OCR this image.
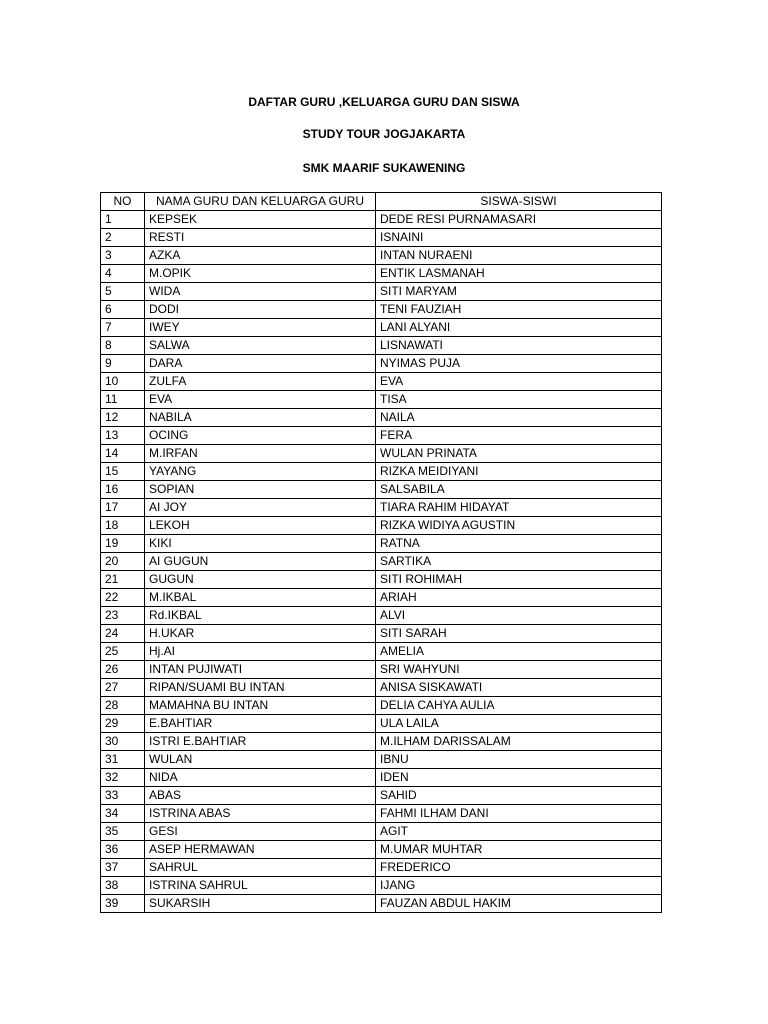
DAFTAR GURU ,KELUARGA GURU DAN SISWA
STUDY TOUR JOGJAKARTA
SMK MAARIF SUKAWENING
NO	NAMA GURU DAN KELUARGA GURU	SISWA-SISWI
1	KEPSEK	DEDE RESI PURNAMASARI
2	RESTI	ISNAINI
3	AZKA	INTAN NURAENI
4	M.OPIK	ENTIK LASMANAH
5	WIDA	SITI MARYAM
6	DODI	TENI FAUZIAH
7	IWEY	LANI ALYANI
8	SALWA	LISNAWATI
9	DARA	NYIMAS PUJA
10	ZULFA	EVA
11	EVA	TISA
12	NABILA	NAILA
13	OCING	FERA
14	M.IRFAN	WULAN PRINATA
15	YAYANG	RIZKA MEIDIYANI
16	SOPIAN	SALSABILA
17	AI JOY	TIARA RAHIM HIDAYAT
18	LEKOH	RIZKA WIDIYA AGUSTIN
19	KIKI	RATNA
20	AI GUGUN	SARTIKA
21	GUGUN	SITI ROHIMAH
22	M.IKBAL	ARIAH
23	Rd.IKBAL	ALVI
24	H.UKAR	SITI SARAH
25	Hj.AI	AMELIA
26	INTAN PUJIWATI	SRI WAHYUNI
27	RIPAN/SUAMI BU INTAN	ANISA SISKAWATI
28	MAMAHNA BU INTAN	DELIA CAHYA AULIA
29	E.BAHTIAR	ULA LAILA
30	ISTRI E.BAHTIAR	M.ILHAM DARISSALAM
31	WULAN	IBNU
32	NIDA	IDEN
33	ABAS	SAHID
34	ISTRINA ABAS	FAHMI ILHAM DANI
35	GESI	AGIT
36	ASEP HERMAWAN	M.UMAR MUHTAR
37	SAHRUL	FREDERICO
38	ISTRINA SAHRUL	IJANG
39	SUKARSIH	FAUZAN ABDUL HAKIM
